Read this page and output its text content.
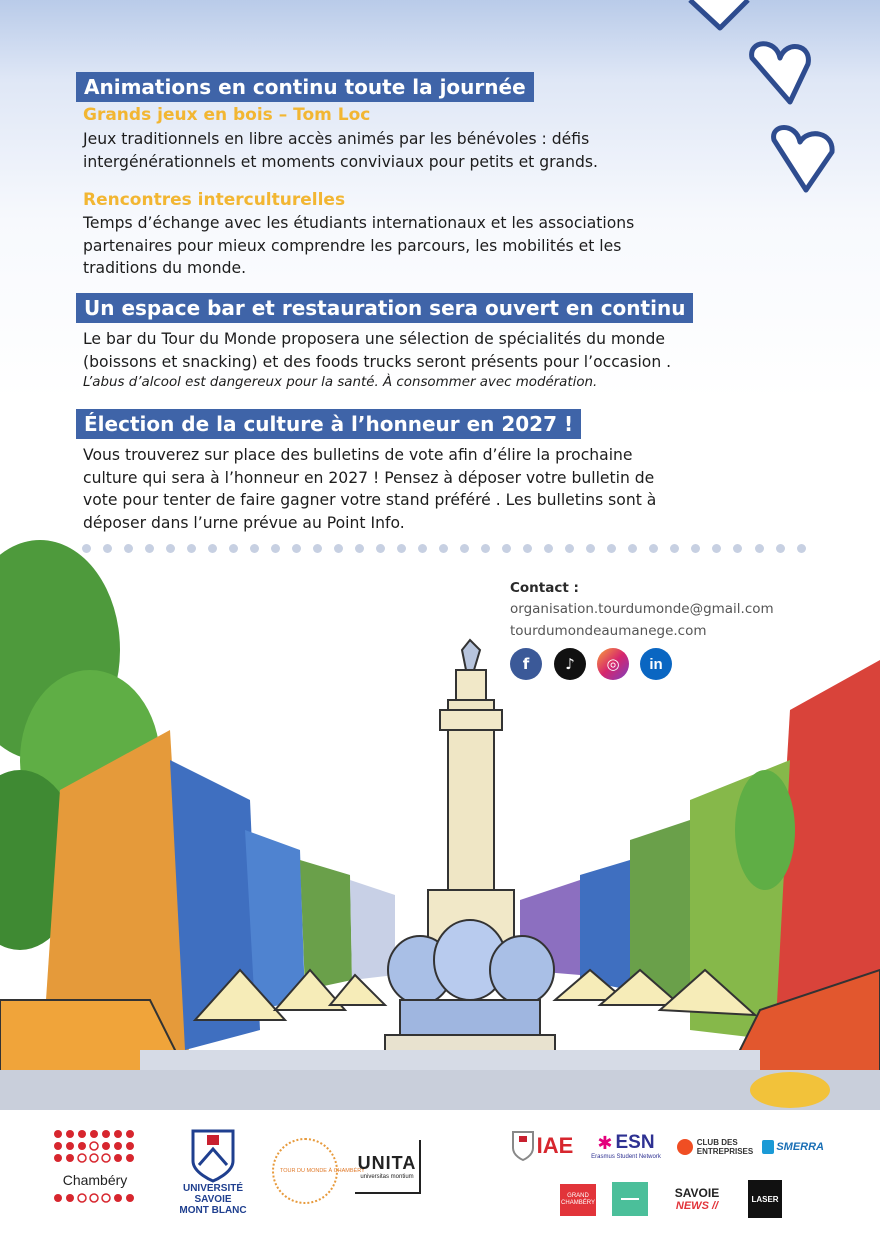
Animations en continu toute la journée
Grands jeux en bois – Tom Loc
Jeux traditionnels en libre accès animés par les bénévoles : défis
intergénérationnels et moments conviviaux pour petits et grands.
Rencontres interculturelles
Temps d’échange avec les étudiants internationaux et les associations
partenaires pour mieux comprendre les parcours, les mobilités et les
traditions du monde.
Un espace bar et restauration sera ouvert en continu
Le bar du Tour du Monde proposera une sélection de spécialités du monde
(boissons et snacking) et des foods trucks seront présents pour l’occasion .
L’abus d’alcool est dangereux pour la santé. À consommer avec modération.
Élection de la culture à l’honneur en 2027 !
Vous trouverez sur place des bulletins de vote afin d’élire la prochaine
culture qui sera à l’honneur en 2027 ! Pensez à déposer votre bulletin de
vote pour tenter de faire gagner votre stand préféré . Les bulletins sont à
déposer dans l’urne prévue au Point Info.
Contact :
organisation.tourdumonde@gmail.com
tourdumondeaumanege.com
f	♪	◎	in
Chambéry	UNIVERSITÉ
SAVOIE
MONT BLANC
TOUR DU MONDE À CHAMBÉRY
UNITA
universitas montium
IAE ✱ ESN
Erasmus Student Network
CLUB DES
ENTREPRISES SMERRA
GRAND
CHAMBÉRY
SAVOIE
NEWS //
LASER
